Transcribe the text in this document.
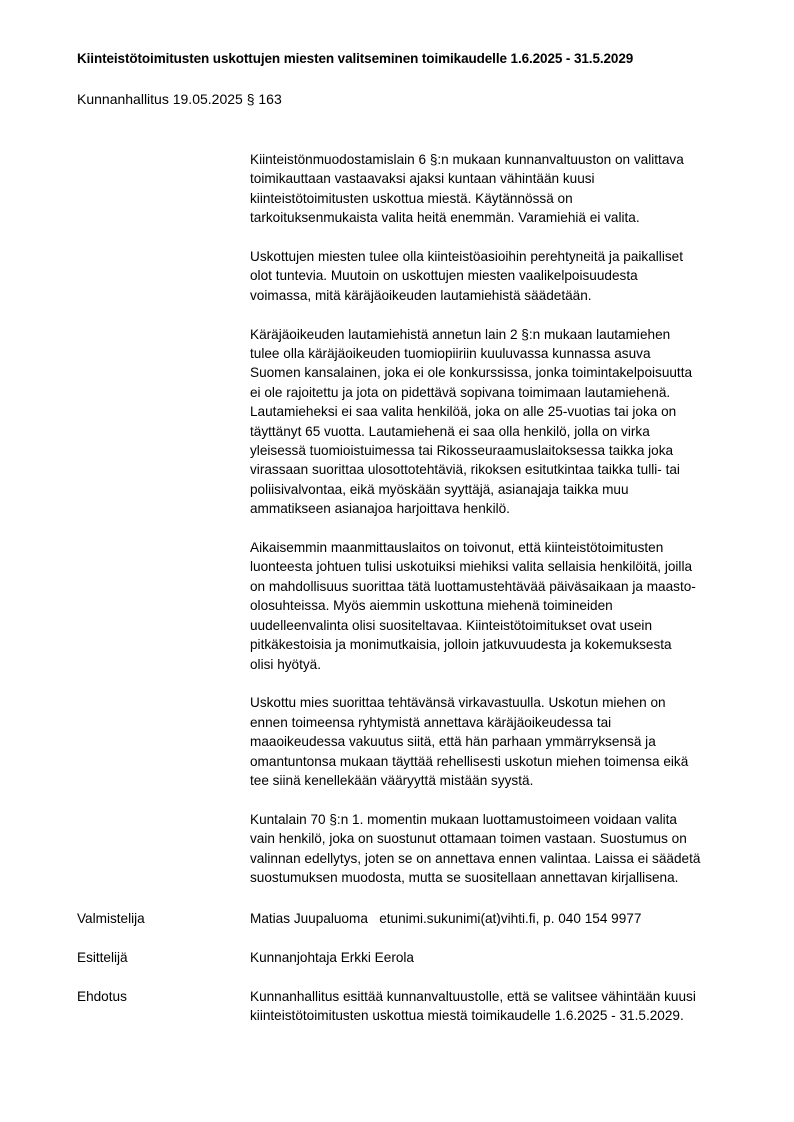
Kiinteistötoimitusten uskottujen miesten valitseminen toimikaudelle 1.6.2025 - 31.5.2029
Kunnanhallitus 19.05.2025 § 163

Kiinteistönmuodostamislain 6 §:n mukaan kunnanvaltuuston on valittava
toimikauttaan vastaavaksi ajaksi kuntaan vähintään kuusi
kiinteistötoimitusten uskottua miestä. Käytännössä on
tarkoituksenmukaista valita heitä enemmän. Varamiehiä ei valita.

Uskottujen miesten tulee olla kiinteistöasioihin perehtyneitä ja paikalliset
olot tuntevia. Muutoin on uskottujen miesten vaalikelpoisuudesta
voimassa, mitä käräjäoikeuden lautamiehistä säädetään.

Käräjäoikeuden lautamiehistä annetun lain 2 §:n mukaan lautamiehen
tulee olla käräjäoikeuden tuomiopiiriin kuuluvassa kunnassa asuva
Suomen kansalainen, joka ei ole konkurssissa, jonka toimintakelpoisuutta
ei ole rajoitettu ja jota on pidettävä sopivana toimimaan lautamiehenä.
Lautamieheksi ei saa valita henkilöä, joka on alle 25-vuotias tai joka on
täyttänyt 65 vuotta. Lautamiehenä ei saa olla henkilö, jolla on virka
yleisessä tuomioistuimessa tai Rikosseuraamuslaitoksessa taikka joka
virassaan suorittaa ulosottotehtäviä, rikoksen esitutkintaa taikka tulli- tai
poliisivalvontaa, eikä myöskään syyttäjä, asianajaja taikka muu
ammatikseen asianajoa harjoittava henkilö.

Aikaisemmin maanmittauslaitos on toivonut, että kiinteistötoimitusten
luonteesta johtuen tulisi uskotuiksi miehiksi valita sellaisia henkilöitä, joilla
on mahdollisuus suorittaa tätä luottamustehtävää päiväsaikaan ja maasto-
olosuhteissa. Myös aiemmin uskottuna miehenä toimineiden
uudelleenvalinta olisi suositeltavaa. Kiinteistötoimitukset ovat usein
pitkäkestoisia ja monimutkaisia, jolloin jatkuvuudesta ja kokemuksesta
olisi hyötyä.

Uskottu mies suorittaa tehtävänsä virkavastuulla. Uskotun miehen on
ennen toimeensa ryhtymistä annettava käräjäoikeudessa tai
maaoikeudessa vakuutus siitä, että hän parhaan ymmärryksensä ja
omantuntonsa mukaan täyttää rehellisesti uskotun miehen toimensa eikä
tee siinä kenellekään vääryyttä mistään syystä.

Kuntalain 70 §:n 1. momentin mukaan luottamustoimeen voidaan valita
vain henkilö, joka on suostunut ottamaan toimen vastaan. Suostumus on
valinnan edellytys, joten se on annettava ennen valintaa. Laissa ei säädetä
suostumuksen muodosta, mutta se suositellaan annettavan kirjallisena.

Valmistelija	Matias Juupaluoma   etunimi.sukunimi(at)vihti.fi, p. 040 154 9977
Esittelijä	Kunnanjohtaja Erkki Eerola
Ehdotus	Kunnanhallitus esittää kunnanvaltuustolle, että se valitsee vähintään kuusi
kiinteistötoimitusten uskottua miestä toimikaudelle 1.6.2025 - 31.5.2029.
